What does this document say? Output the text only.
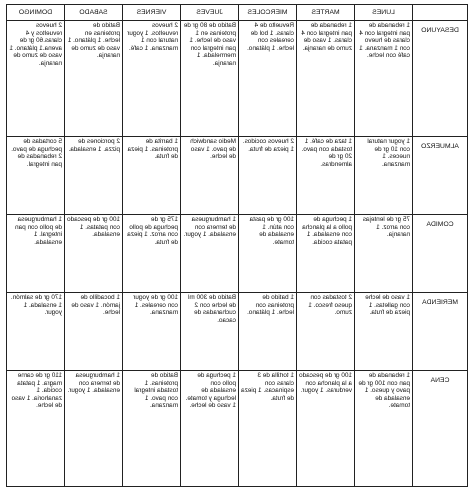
	LUNES	MARTES	MIERCOLES	JUEVES	VIERNES	SABADO	DOMINGO
DESAYUNO	1 rebanada de pan integral con 4 claras de huevo con 1 manzana. 1 café con leche.	1 rebanada de pan integral con 4 claras. 1 vaso de zumo de naranja.	Revuelto de 4 claras. 1 bol de cereales con leche. 1 plátano.	Batido de 80 gr de proteinas en 1 vaso de leche. 1 pan integral con mermelada. 1 naranja.	2 huevos revueltos. 1 yogur natural con 1 manzana. 1 café.	Batido de proteinas en leche. 1 plátano. 1 vaso de zumo de naranja.	2 huevos revueltos y 4 claras.60 gr de avena.1 plátano. 1 vaso de zumo de naranja.
ALMUERZO	1 yogur natural con 10 gr de nueces. 1 manzana.	1 taza de café. 1 tostada con pavo. 20 gr de almendras.	2 huevos cocidos. 1 pieza de fruta.	Medio sandwich de pavo. 1 vaso de leche.	1 barrita de proteinas. 1 pieza de fruta.	2 porciones de pizza. 1 ensalada.	5 cortadas de pechuga de pavo. 2 rebanadas de pan integral.
COMIDA	75 gr de lentejas con arroz. 1 naranja.	1 pechuga de pollo a la plancha con ensalada. 1 patata cocida.	100 gr de pasta con atún. 1 ensalada de tomate.	1 hamburguesa de ternera con ensalada. 1 yogur.	175 gr de pechuga de pollo con arroz. 1 pieza de fruta.	100 gr de pescado con patatas. 1 ensalada.	1 hamburguesa de pollo con pan integral. 1 ensalada.
MERIENDA	1 vaso de leche con galletas. 1 pieza de fruta.	2 tostadas con queso fresco. 1 zumo.	1 batido de proteinas con leche. 1 plátano.	Batido de 300 ml de leche con 2 cucharadas de cacao.	100 gr de yogur con cereales. 1 manzana.	1 bocadillo de jamón. 1 vaso de leche.	170 gr de salmón. 1 ensalada. 1 yogur.
CENA	1 rebanada de pan con 100 gr de pavo y queso. 1 ensalada de tomate.	100 gr de pescado a la plancha con verduras. 1 yogur.	1 tortilla de 3 claras con espinacas. 1 pieza de fruta.	1 pechuga de pollo con ensalada de lechuga y tomate. 1 vaso de leche.	Batido de proteinas. 1 tostada integral con pavo. 1 manzana.	1 hamburguesa de ternera con ensalada. 1 yogur.	110 gr de carne magra. 1 patata cocida. 1 zanahoria. 1 vaso de leche.
